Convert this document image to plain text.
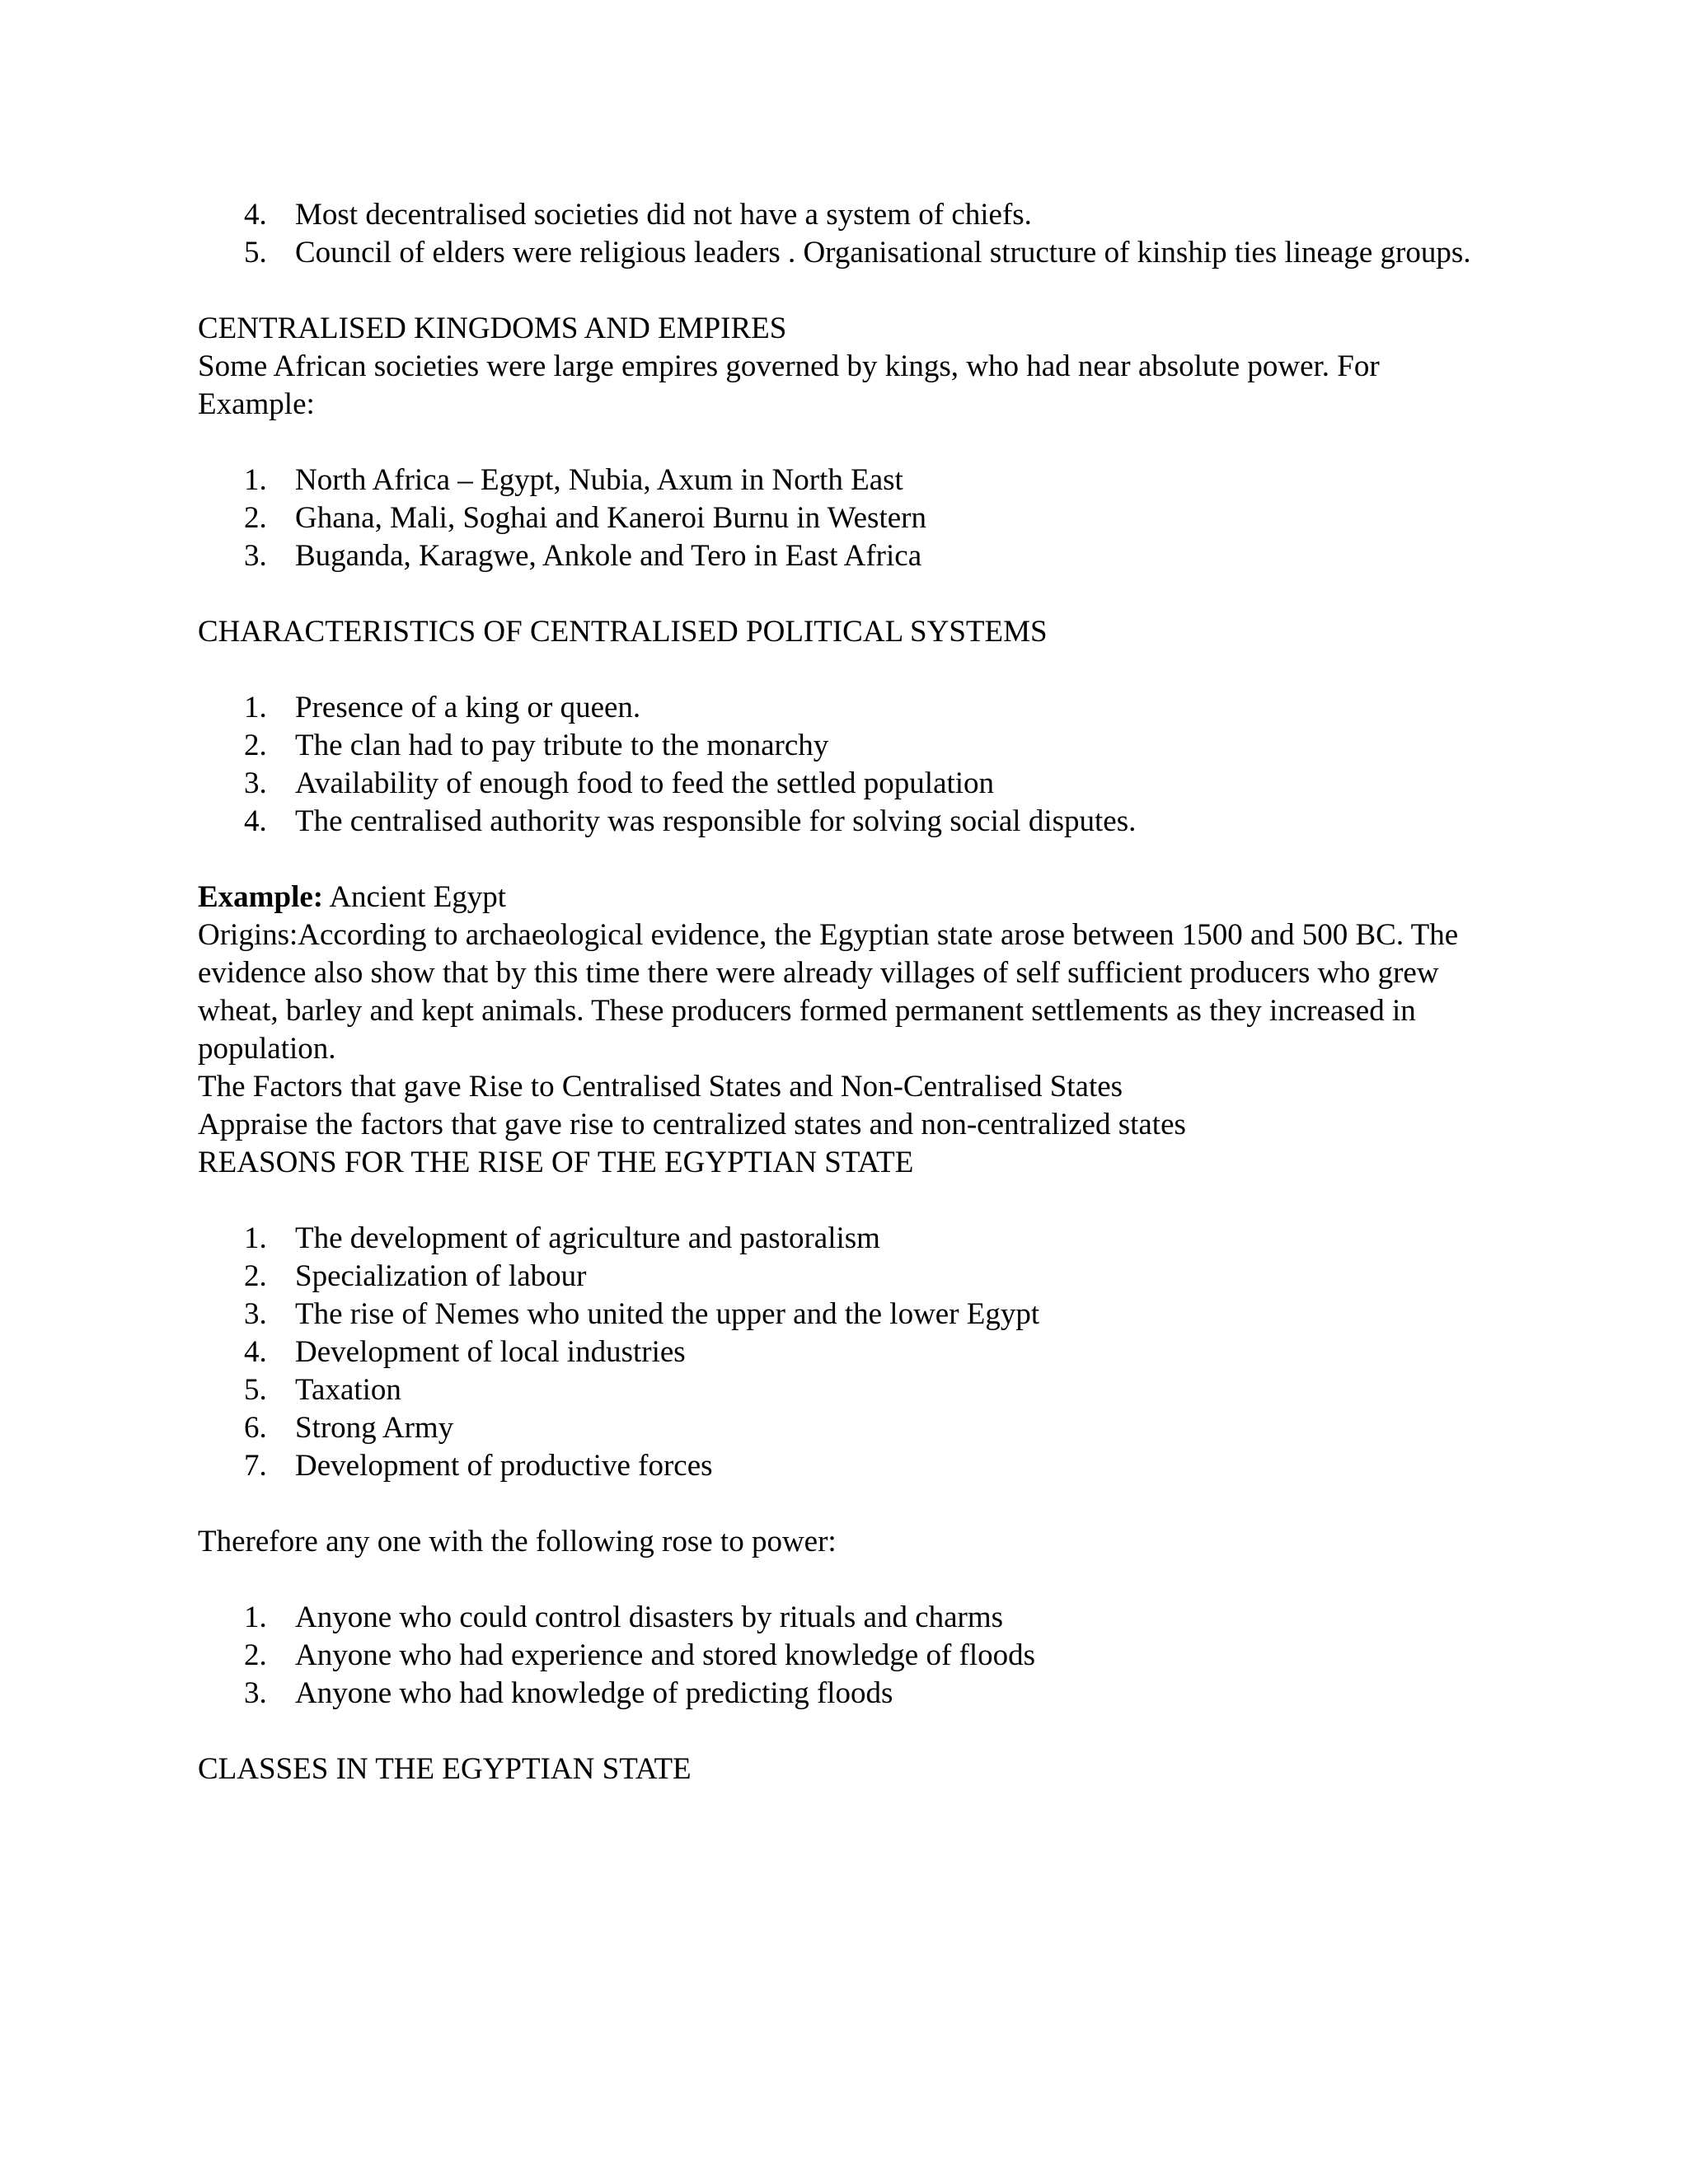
4. Most decentralised societies did not have a system of chiefs.
5. Council of elders were religious leaders . Organisational structure of kinship ties lineage groups.

CENTRALISED KINGDOMS AND EMPIRES

Some African societies were large empires governed by kings, who had near absolute power. For Example:

1. North Africa – Egypt, Nubia, Axum in North East
2. Ghana, Mali, Soghai and Kaneroi Burnu in Western
3. Buganda, Karagwe, Ankole and Tero in East Africa

CHARACTERISTICS OF CENTRALISED POLITICAL SYSTEMS

1. Presence of a king or queen.
2. The clan had to pay tribute to the monarchy
3. Availability of enough food to feed the settled population
4. The centralised authority was responsible for solving social disputes.

Example: Ancient Egypt

Origins:According to archaeological evidence, the Egyptian state arose between 1500 and 500 BC. The evidence also show that by this time there were already villages of self sufficient producers who grew wheat, barley and kept animals. These producers formed permanent settlements as they increased in population.

The Factors that gave Rise to Centralised States and Non-Centralised States

Appraise the factors that gave rise to centralized states and non-centralized states

REASONS FOR THE RISE OF THE EGYPTIAN STATE

1. The development of agriculture and pastoralism
2. Specialization of labour
3. The rise of Nemes who united the upper and the lower Egypt
4. Development of local industries
5. Taxation
6. Strong Army
7. Development of productive forces

Therefore any one with the following rose to power:

1. Anyone who could control disasters by rituals and charms
2. Anyone who had experience and stored knowledge of floods
3. Anyone who had knowledge of predicting floods

CLASSES IN THE EGYPTIAN STATE
